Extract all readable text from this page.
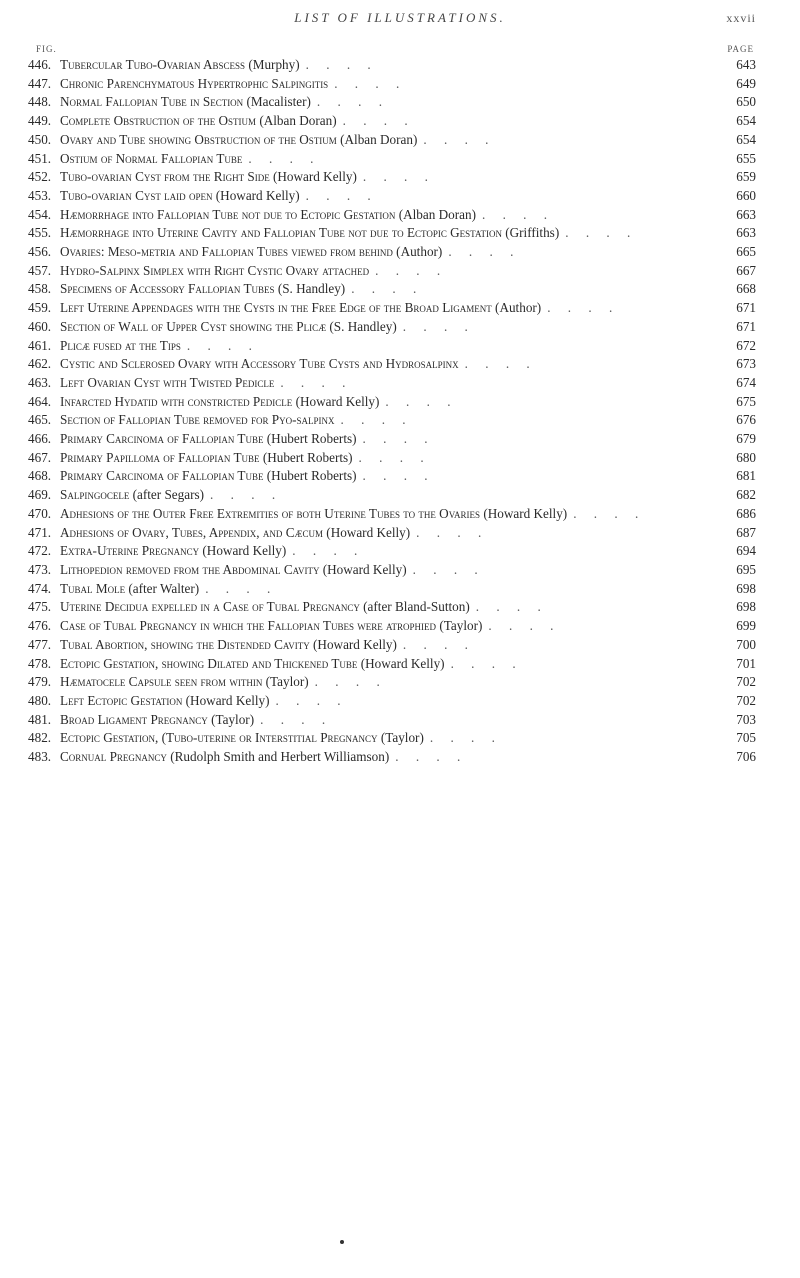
LIST OF ILLUSTRATIONS.	xxvii
FIG.	PAGE
446. Tubercular Tubo-Ovarian Abscess (Murphy) . . . .	643
447. Chronic Parenchymatous Hypertrophic Salpingitis . . . .	649
448. Normal Fallopian Tube in Section (Macalister) . . . .	650
449. Complete Obstruction of the Ostium (Alban Doran) . . . .	654
450. Ovary and Tube showing Obstruction of the Ostium (Alban Doran) . . . .	654
451. Ostium of Normal Fallopian Tube . . . .	655
452. Tubo-ovarian Cyst from the Right Side (Howard Kelly) . . . .	659
453. Tubo-ovarian Cyst laid open (Howard Kelly) . . . .	660
454. Hæmorrhage into Fallopian Tube not due to Ectopic Gestation (Alban Doran) . . . .	663
455. Hæmorrhage into Uterine Cavity and Fallopian Tube not due to Ectopic Gestation (Griffiths) . . . .	663
456. Ovaries: Meso-metria and Fallopian Tubes viewed from behind (Author) . . . .	665
457. Hydro-Salpinx Simplex with Right Cystic Ovary attached . . . .	667
458. Specimens of Accessory Fallopian Tubes (S. Handley) . . . .	668
459. Left Uterine Appendages with the Cysts in the Free Edge of the Broad Ligament (Author) . . . .	671
460. Section of Wall of Upper Cyst showing the Plicæ (S. Handley) . . . .	671
461. Plicæ fused at the Tips . . . .	672
462. Cystic and Sclerosed Ovary with Accessory Tube Cysts and Hydrosalpinx . . . .	673
463. Left Ovarian Cyst with Twisted Pedicle . . . .	674
464. Infarcted Hydatid with constricted Pedicle (Howard Kelly) . . . .	675
465. Section of Fallopian Tube removed for Pyo-salpinx . . . .	676
466. Primary Carcinoma of Fallopian Tube (Hubert Roberts) . . . .	679
467. Primary Papilloma of Fallopian Tube (Hubert Roberts) . . . .	680
468. Primary Carcinoma of Fallopian Tube (Hubert Roberts) . . . .	681
469. Salpingocele (after Segars) . . . .	682
470. Adhesions of the Outer Free Extremities of both Uterine Tubes to the Ovaries (Howard Kelly) . . . .	686
471. Adhesions of Ovary, Tubes, Appendix, and Cæcum (Howard Kelly) . . . .	687
472. Extra-Uterine Pregnancy (Howard Kelly) . . . .	694
473. Lithopedion removed from the Abdominal Cavity (Howard Kelly) . . . .	695
474. Tubal Mole (after Walter) . . . .	698
475. Uterine Decidua expelled in a Case of Tubal Pregnancy (after Bland-Sutton) . . . .	698
476. Case of Tubal Pregnancy in which the Fallopian Tubes were atrophied (Taylor) . . . .	699
477. Tubal Abortion, showing the Distended Cavity (Howard Kelly) . . . .	700
478. Ectopic Gestation, showing Dilated and Thickened Tube (Howard Kelly) . . . .	701
479. Hæmatocele Capsule seen from within (Taylor) . . . .	702
480. Left Ectopic Gestation (Howard Kelly) . . . .	702
481. Broad Ligament Pregnancy (Taylor) . . . .	703
482. Ectopic Gestation, (Tubo-uterine or Interstitial Pregnancy (Taylor) . . . .	705
483. Cornual Pregnancy (Rudolph Smith and Herbert Williamson) . . . .	706
